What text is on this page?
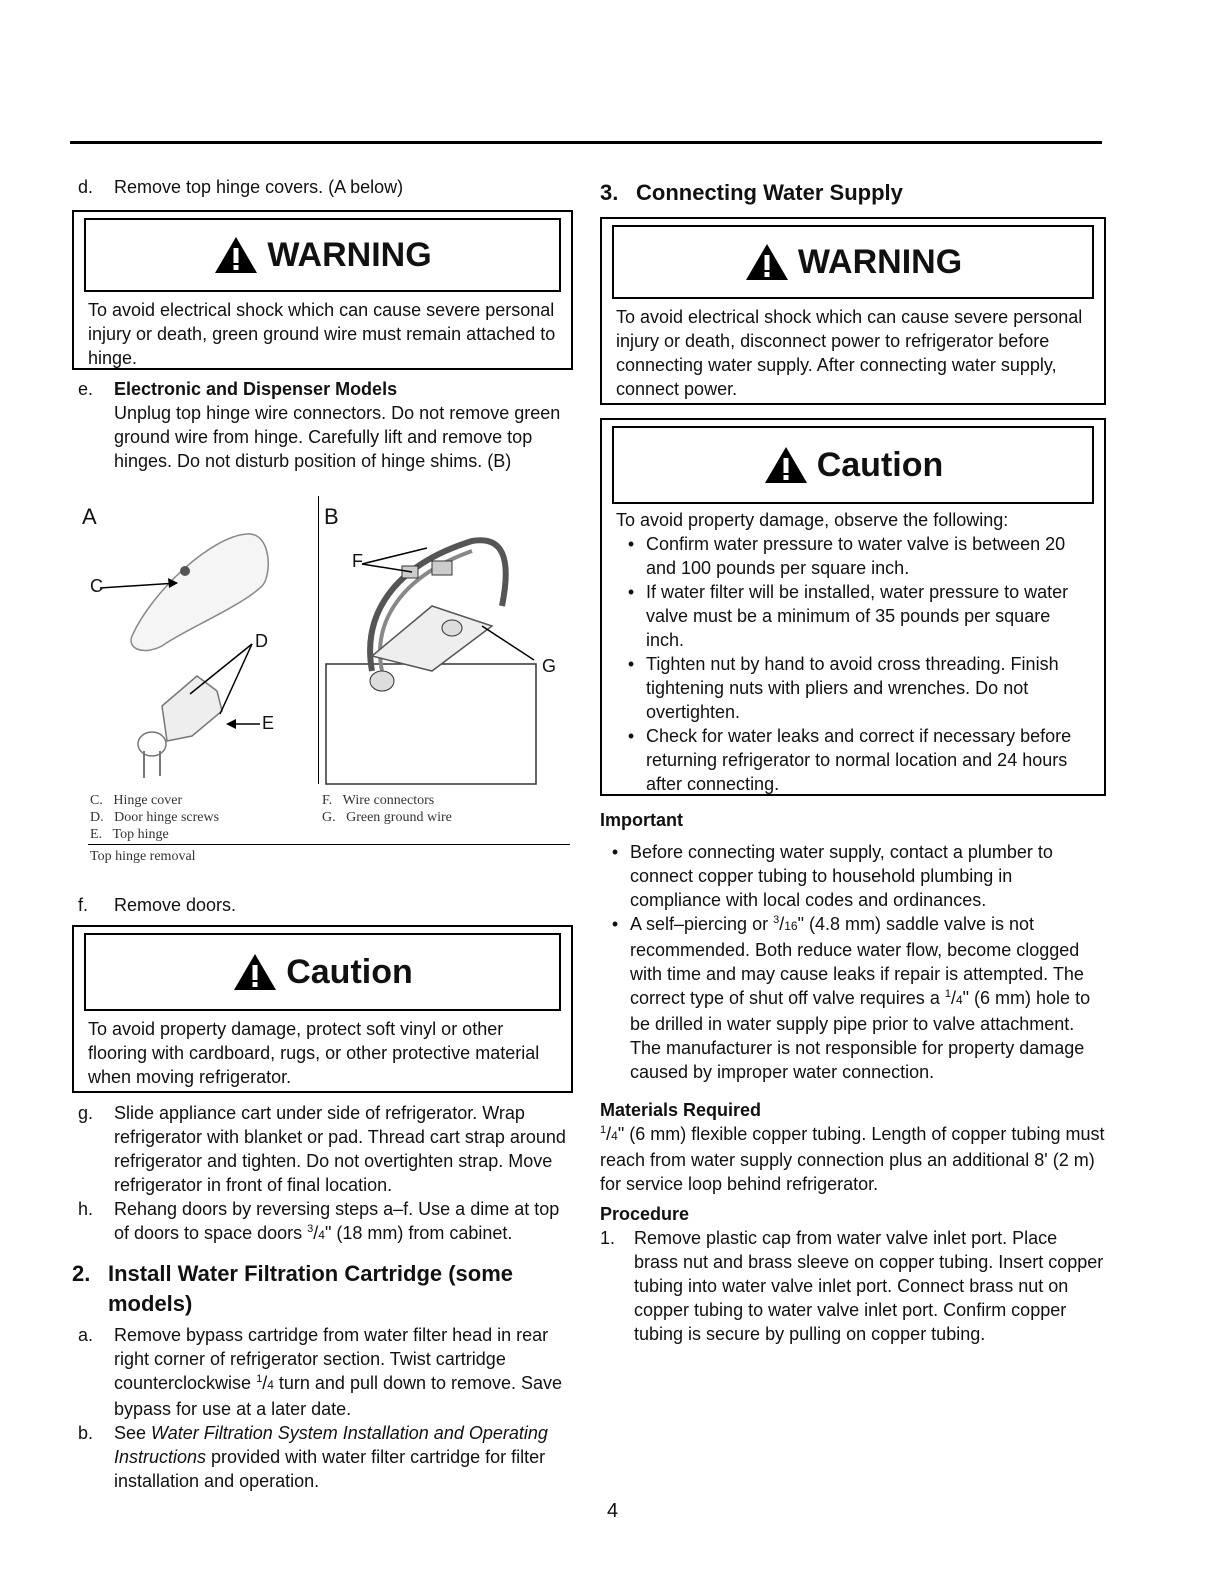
d.	Remove top hinge covers. (A below)
WARNING
To avoid electrical shock which can cause severe personal injury or death, green ground wire must remain attached to hinge.
e.	Electronic and Dispenser Models
Unplug top hinge wire connectors. Do not remove green ground wire from hinge. Carefully lift and remove top hinges. Do not disturb position of hinge shims. (B)
A	B
C
D
E
F
G
C.   Hinge cover
D.   Door hinge screws
E.   Top hinge
F.   Wire connectors
G.   Green ground wire
Top hinge removal
f.	Remove doors.
Caution
To avoid property damage, protect soft vinyl or other flooring with cardboard, rugs, or other protective material when moving refrigerator.
g.	Slide appliance cart under side of refrigerator. Wrap refrigerator with blanket or pad. Thread cart strap around refrigerator and tighten. Do not overtighten strap. Move refrigerator in front of final location.
h.	Rehang doors by reversing steps a–f. Use a dime at top of doors to space doors $^3$/4" (18 mm) from cabinet.
2. Install Water Filtration Cartridge (some models)
a.	Remove bypass cartridge from water filter head in rear right corner of refrigerator section. Twist cartridge counterclockwise $^1$/4 turn and pull down to remove. Save bypass for use at a later date.
b.	See Water Filtration System Installation and Operating Instructions provided with water filter cartridge for filter installation and operation.
3. Connecting Water Supply
WARNING
To avoid electrical shock which can cause severe personal injury or death, disconnect power to refrigerator before connecting water supply. After connecting water supply, connect power.
Caution
To avoid property damage, observe the following:
• Confirm water pressure to water valve is between 20 and 100 pounds per square inch.
• If water filter will be installed, water pressure to water valve must be a minimum of 35 pounds per square inch.
• Tighten nut by hand to avoid cross threading. Finish tightening nuts with pliers and wrenches. Do not overtighten.
• Check for water leaks and correct if necessary before returning refrigerator to normal location and 24 hours after connecting.
Important
• Before connecting water supply, contact a plumber to connect copper tubing to household plumbing in compliance with local codes and ordinances.
• A self–piercing or $^3$/16" (4.8 mm) saddle valve is not recommended. Both reduce water flow, become clogged with time and may cause leaks if repair is attempted. The correct type of shut off valve requires a $^1$/4" (6 mm) hole to be drilled in water supply pipe prior to valve attachment. The manufacturer is not responsible for property damage caused by improper water connection.
Materials Required
$^1$/4" (6 mm) flexible copper tubing. Length of copper tubing must reach from water supply connection plus an additional 8' (2 m) for service loop behind refrigerator.
Procedure
1.	Remove plastic cap from water valve inlet port. Place brass nut and brass sleeve on copper tubing. Insert copper tubing into water valve inlet port. Connect brass nut on copper tubing to water valve inlet port. Confirm copper tubing is secure by pulling on copper tubing.
4
